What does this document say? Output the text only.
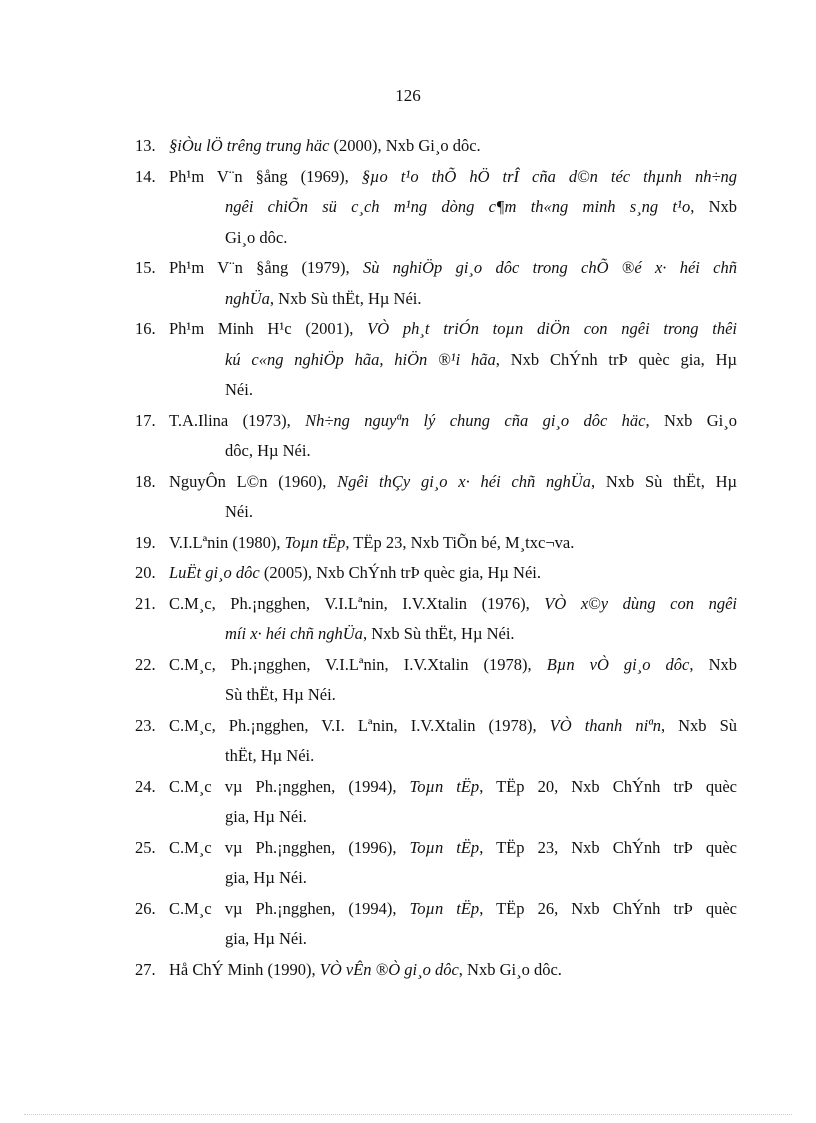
126
13. §iÒu lÖ trêng trung häc (2000), Nxb Gi¸o dôc.
14. Ph¹m V¨n §ång (1969), §µo t¹o thÕ hÖ trÎ cña d©n téc thµnh nh÷ng
ngêi chiÕn sü c¸ch m¹ng dòng c¶m th«ng minh s¸ng t¹o, Nxb
Gi¸o dôc.
15. Ph¹m V¨n §ång (1979), Sù nghiÖp gi¸o dôc trong chÕ ®é x· héi chñ
nghÜa, Nxb Sù thËt, Hµ Néi.
16. Ph¹m Minh H¹c (2001), VÒ ph¸t triÓn toµn diÖn con ngêi trong thêi
kú c«ng nghiÖp hãa, hiÖn ®¹i hãa, Nxb ChÝnh trÞ quèc gia, Hµ
Néi.
17. T.A.Ilina (1973), Nh÷ng nguyªn lý chung cña gi¸o dôc häc, Nxb Gi¸o
dôc, Hµ Néi.
18. NguyÔn L©n (1960), Ngêi thÇy gi¸o x· héi chñ nghÜa, Nxb Sù thËt, Hµ
Néi.
19. V.I.Lªnin (1980), Toµn tËp, TËp 23, Nxb TiÕn bé, M¸txc¬va.
20. LuËt gi¸o dôc (2005), Nxb ChÝnh trÞ quèc gia, Hµ Néi.
21. C.M¸c, Ph.¡ngghen, V.I.Lªnin, I.V.Xtalin (1976), VÒ x©y dùng con ngêi
míi x· héi chñ nghÜa, Nxb Sù thËt, Hµ Néi.
22. C.M¸c, Ph.¡ngghen, V.I.Lªnin, I.V.Xtalin (1978), Bµn vÒ gi¸o dôc, Nxb
Sù thËt, Hµ Néi.
23. C.M¸c, Ph.¡ngghen, V.I. Lªnin, I.V.Xtalin (1978), VÒ thanh niªn, Nxb Sù
thËt, Hµ Néi.
24. C.M¸c vµ Ph.¡ngghen, (1994), Toµn tËp, TËp 20, Nxb ChÝnh trÞ quèc
gia, Hµ Néi.
25. C.M¸c vµ Ph.¡ngghen, (1996), Toµn tËp, TËp 23, Nxb ChÝnh trÞ quèc
gia, Hµ Néi.
26. C.M¸c vµ Ph.¡ngghen, (1994), Toµn tËp, TËp 26, Nxb ChÝnh trÞ quèc
gia, Hµ Néi.
27. Hå ChÝ Minh (1990), VÒ vÊn ®Ò gi¸o dôc, Nxb Gi¸o dôc.
